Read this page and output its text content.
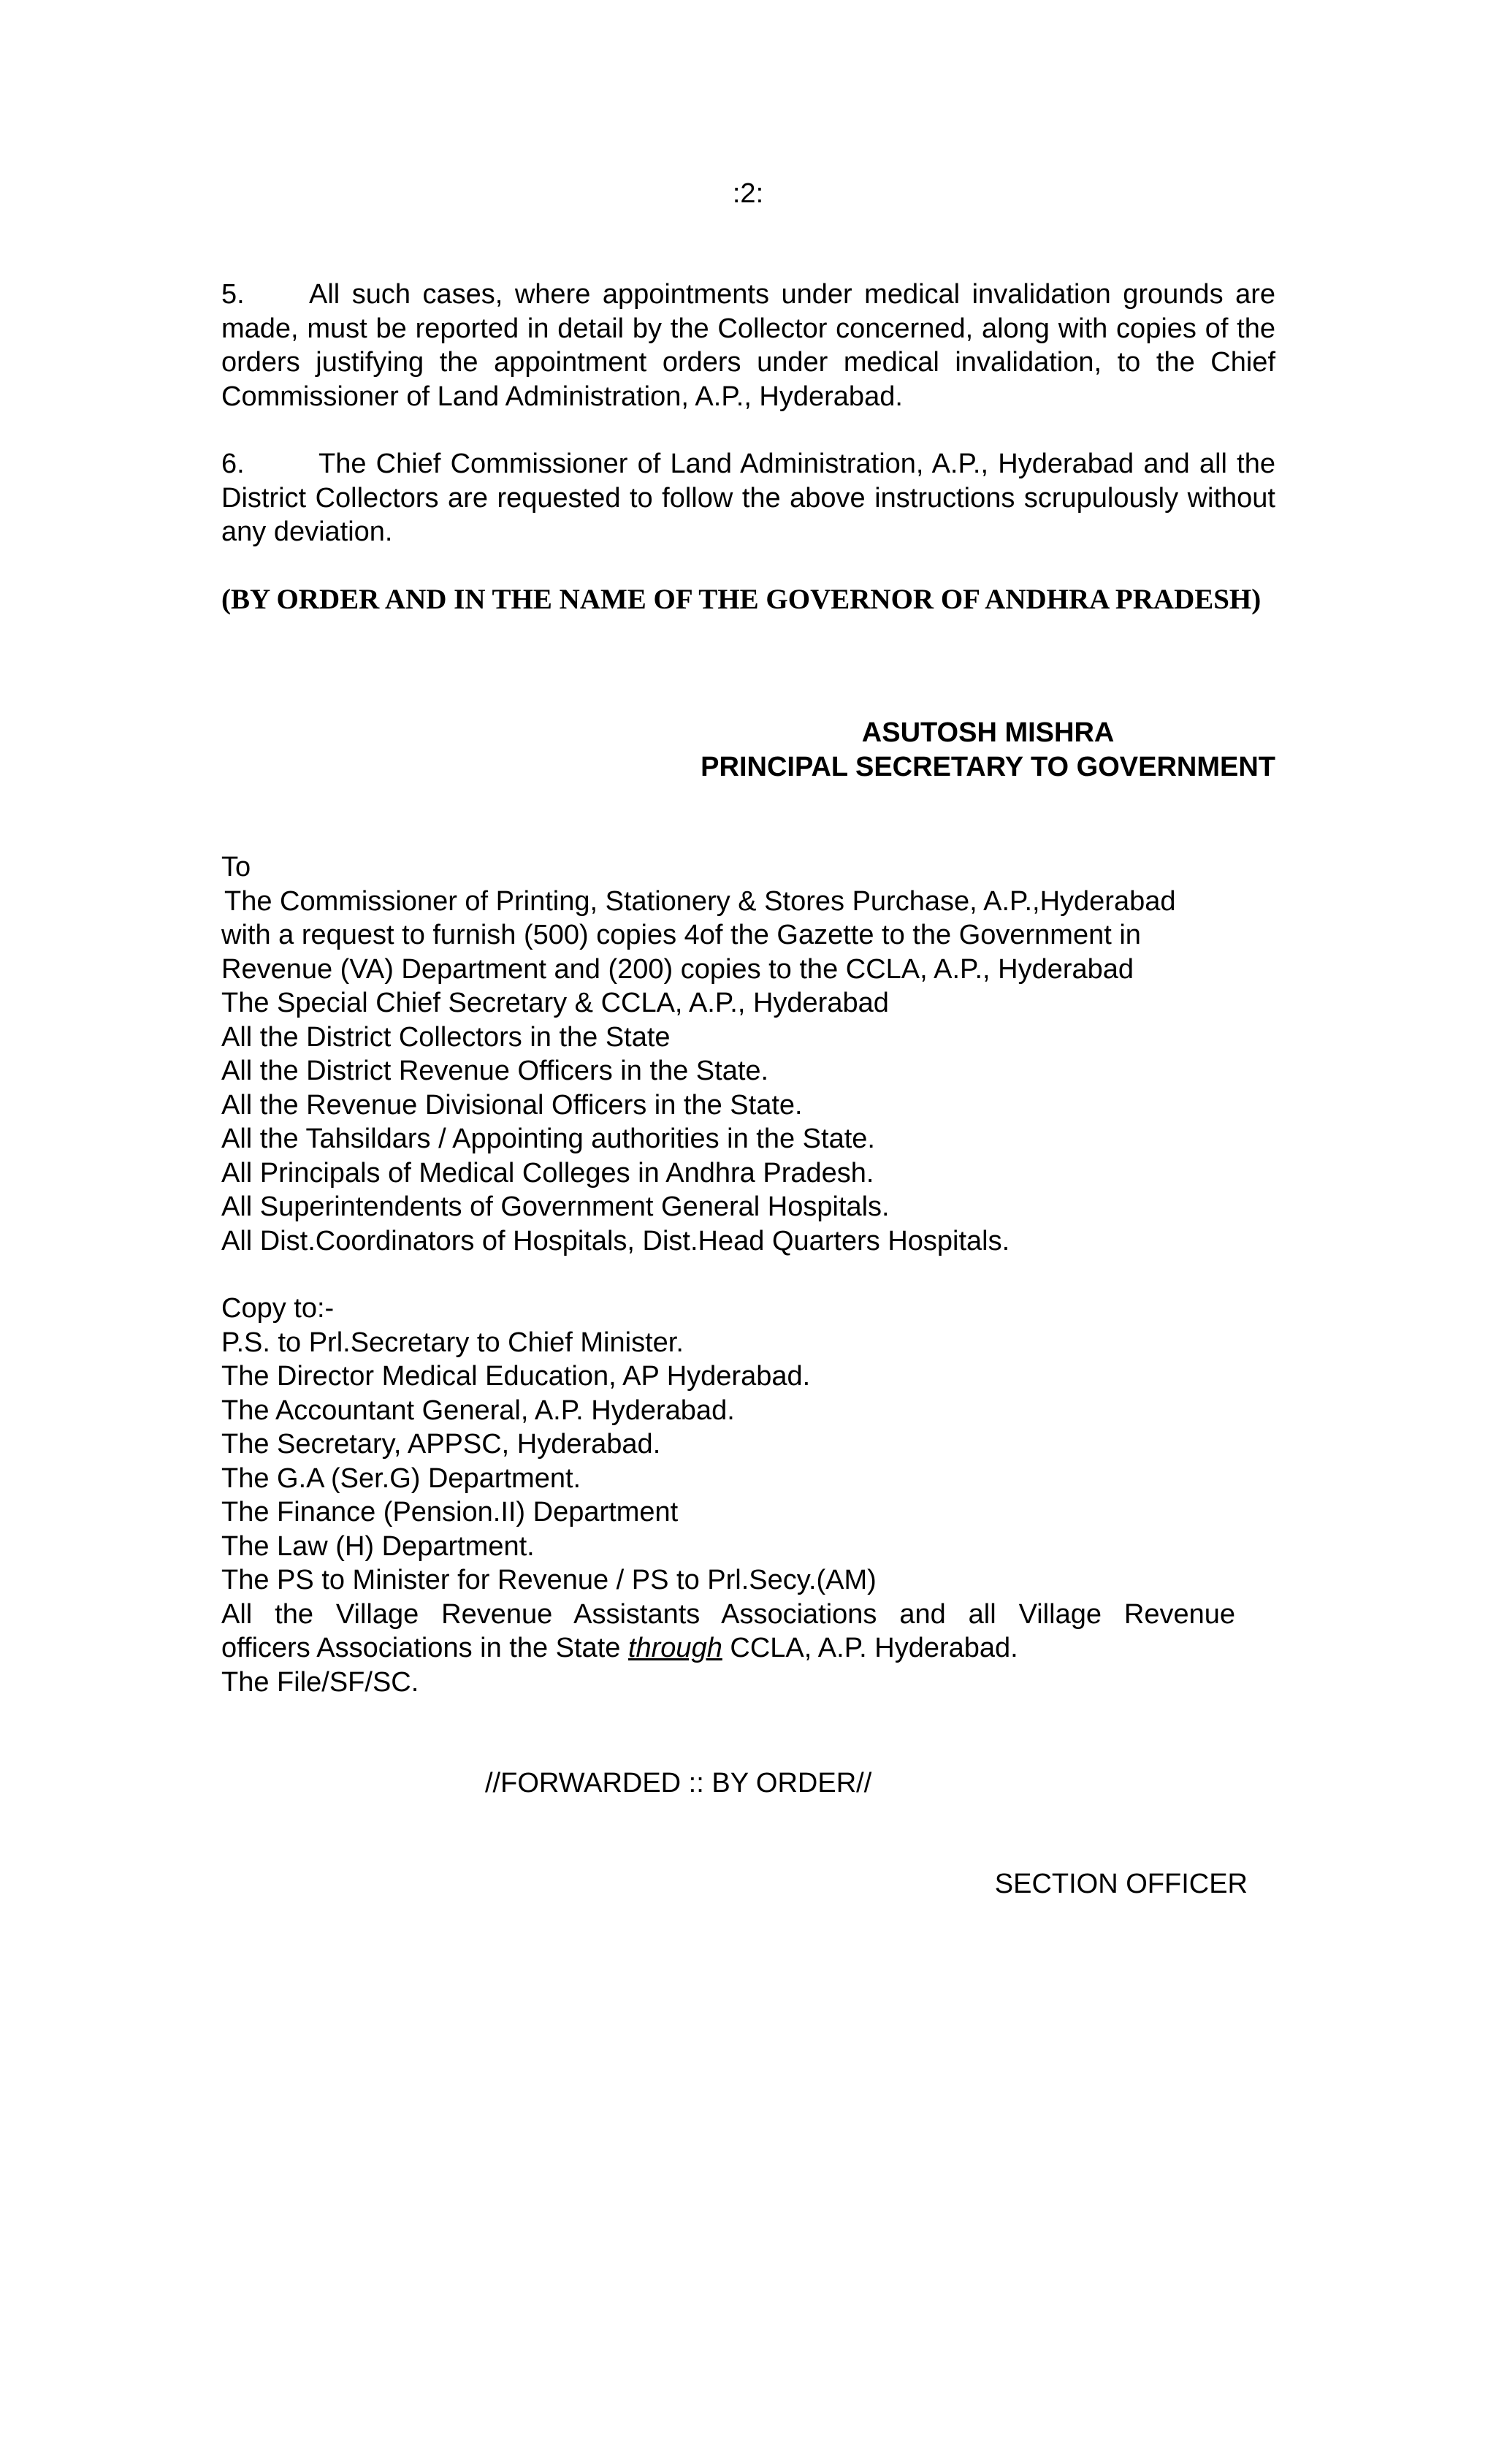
:2:

5. All such cases, where appointments under medical invalidation grounds are made, must be reported in detail by the Collector concerned, along with copies of the orders justifying the appointment orders under medical invalidation, to the Chief Commissioner of Land Administration, A.P., Hyderabad.

6.	The Chief Commissioner of Land Administration, A.P., Hyderabad and all the District Collectors are requested to follow the above instructions scrupulously without any deviation.

(BY ORDER AND IN THE NAME OF THE GOVERNOR OF ANDHRA PRADESH)

ASUTOSH MISHRA
PRINCIPAL SECRETARY TO GOVERNMENT
To
The Commissioner of Printing, Stationery & Stores Purchase, A.P.,Hyderabad
with a request to furnish (500) copies 4of the Gazette to the Government in
Revenue (VA) Department and (200) copies to the CCLA, A.P., Hyderabad
The Special Chief Secretary & CCLA, A.P., Hyderabad
All the District Collectors in the State
All the District Revenue Officers in the State.
All the Revenue Divisional Officers in the State.
All the Tahsildars / Appointing authorities in the State.
All Principals of Medical Colleges in Andhra Pradesh.
All Superintendents of Government General Hospitals.
All Dist.Coordinators of Hospitals, Dist.Head Quarters Hospitals.
Copy to:-
P.S. to Prl.Secretary to Chief Minister.
The Director Medical Education, AP Hyderabad.
The Accountant General, A.P. Hyderabad.
The Secretary, APPSC, Hyderabad.
The G.A (Ser.G) Department.
The Finance (Pension.II) Department
The Law (H) Department.
The PS to Minister for Revenue / PS to Prl.Secy.(AM)
All the Village Revenue Assistants Associations and all Village Revenue
officers Associations in the State through CCLA, A.P. Hyderabad.
The File/SF/SC.
//FORWARDED :: BY ORDER//
SECTION OFFICER
